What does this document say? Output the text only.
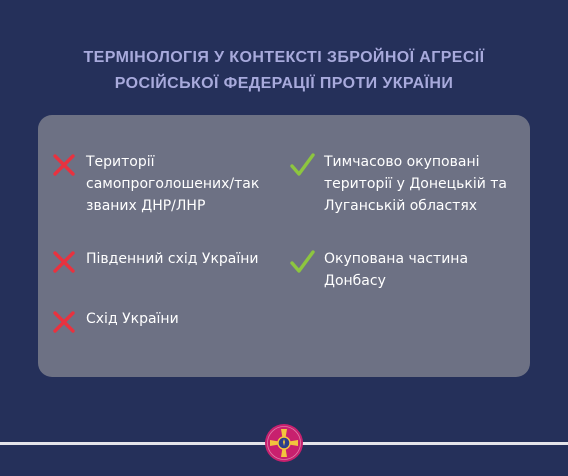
ТЕРМІНОЛОГІЯ У КОНТЕКСТІ ЗБРОЙНОЇ АГРЕСІЇ
РОСІЙСЬКОЇ ФЕДЕРАЦІЇ ПРОТИ УКРАЇНИ
Території
самопроголошених/так
званих ДНР/ЛНР
Південний схід України
Схід України
Тимчасово окуповані
території у Донецькій та
Луганській областях
Окупована частина
Донбасу
